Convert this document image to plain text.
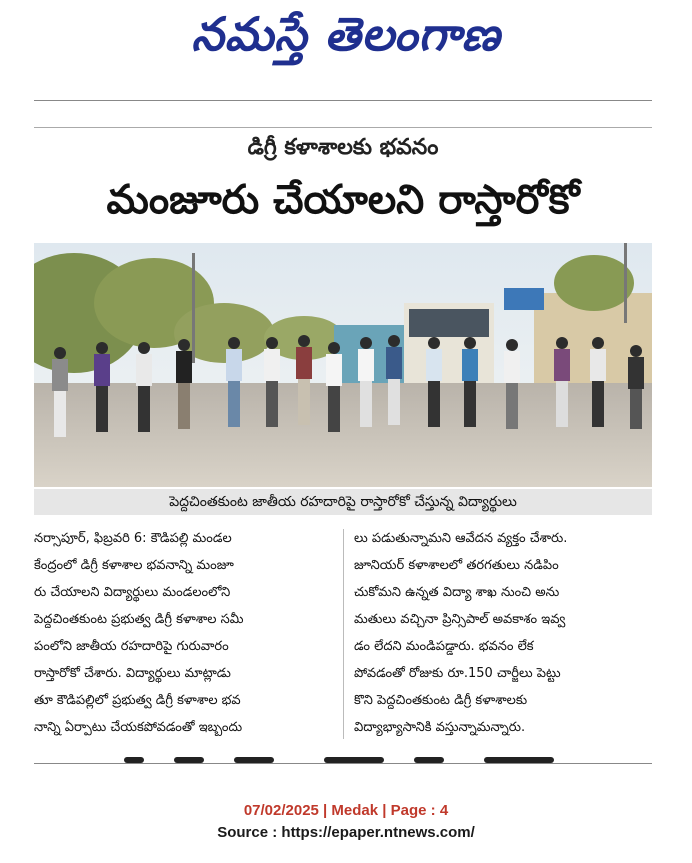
నమస్తే తెలంగాణ
డిగ్రీ కళాశాలకు భవనం
మంజూరు చేయాలని రాస్తారోకో
పెద్దచింతకుంట జాతీయ రహదారిపై రాస్తారోకో చేస్తున్న విద్యార్థులు

నర్సాపూర్, ఫిబ్రవరి 6: కౌడిపల్లి మండల

కేంద్రంలో డిగ్రీ కళాశాల భవనాన్ని మంజూ

రు చేయాలని విద్యార్థులు మండలంలోని

పెద్దచింతకుంట ప్రభుత్వ డిగ్రీ కళాశాల సమీ

పంలోని జాతీయ రహదారిపై గురువారం

రాస్తారోకో చేశారు. విద్యార్థులు మాట్లాడు

తూ కౌడిపల్లిలో ప్రభుత్వ డిగ్రీ కళాశాల భవ

నాన్ని ఏర్పాటు చేయకపోవడంతో ఇబ్బందు

లు పడుతున్నామని ఆవేదన వ్యక్తం చేశారు.

జూనియర్ కళాశాలలో తరగతులు నడిపిం

చుకోమని ఉన్నత విద్యా శాఖ నుంచి అను

మతులు వచ్చినా ప్రిన్సిపాల్ అవకాశం ఇవ్వ

డం లేదని మండిపడ్డారు. భవనం లేక

పోవడంతో రోజుకు రూ.150 చార్జీలు పెట్టు

కొని పెద్దచింతకుంట డిగ్రీ కళాశాలకు

విద్యాభ్యాసానికి వస్తున్నామన్నారు.

07/02/2025 | Medak | Page : 4
Source : https://epaper.ntnews.com/
